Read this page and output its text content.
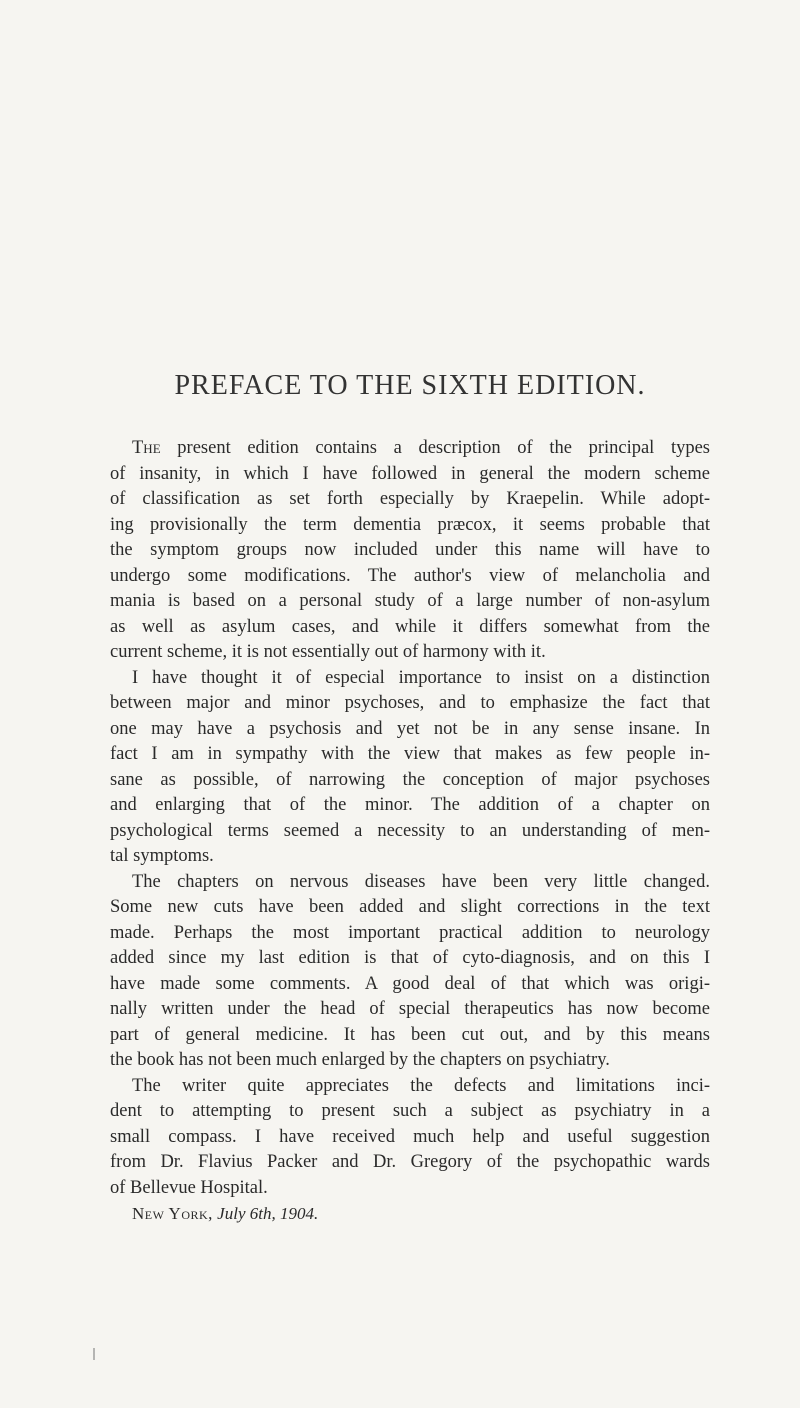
PREFACE TO THE SIXTH EDITION.
The present edition contains a description of the principal types
of insanity, in which I have followed in general the modern scheme
of classification as set forth especially by Kraepelin. While adopt-
ing provisionally the term dementia præcox, it seems probable that
the symptom groups now included under this name will have to
undergo some modifications. The author's view of melancholia and
mania is based on a personal study of a large number of non-asylum
as well as asylum cases, and while it differs somewhat from the
current scheme, it is not essentially out of harmony with it.
I have thought it of especial importance to insist on a distinction
between major and minor psychoses, and to emphasize the fact that
one may have a psychosis and yet not be in any sense insane. In
fact I am in sympathy with the view that makes as few people in-
sane as possible, of narrowing the conception of major psychoses
and enlarging that of the minor. The addition of a chapter on
psychological terms seemed a necessity to an understanding of men-
tal symptoms.
The chapters on nervous diseases have been very little changed.
Some new cuts have been added and slight corrections in the text
made. Perhaps the most important practical addition to neurology
added since my last edition is that of cyto-diagnosis, and on this I
have made some comments. A good deal of that which was origi-
nally written under the head of special therapeutics has now become
part of general medicine. It has been cut out, and by this means
the book has not been much enlarged by the chapters on psychiatry.
The writer quite appreciates the defects and limitations inci-
dent to attempting to present such a subject as psychiatry in a
small compass. I have received much help and useful suggestion
from Dr. Flavius Packer and Dr. Gregory of the psychopathic wards
of Bellevue Hospital.
New York, July 6th, 1904.
